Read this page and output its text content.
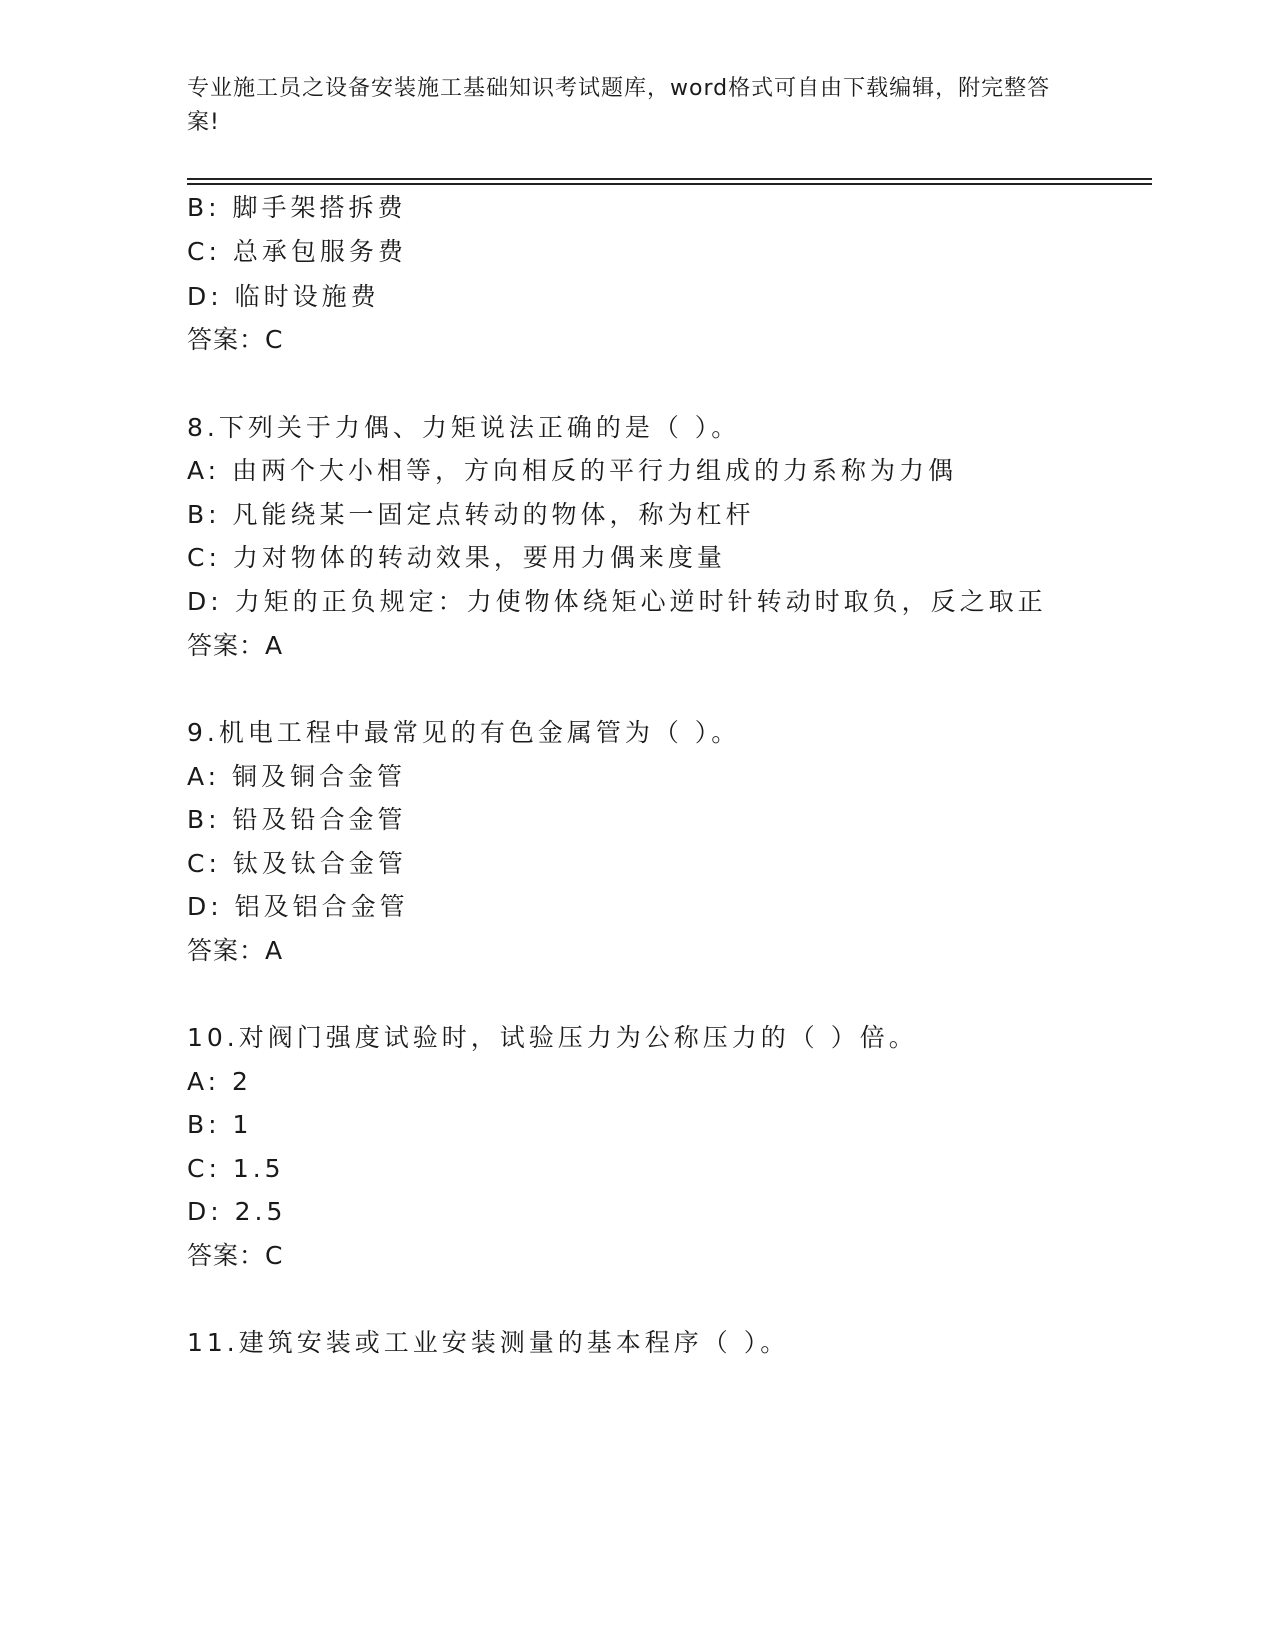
专业施工员之设备安装施工基础知识考试题库，word格式可自由下载编辑，附完整答案!
B: 脚手架搭拆费
C: 总承包服务费
D: 临时设施费
答案：C
8.下列关于力偶、力矩说法正确的是（ ）。
A: 由两个大小相等，方向相反的平行力组成的力系称为力偶
B: 凡能绕某一固定点转动的物体，称为杠杆
C: 力对物体的转动效果，要用力偶来度量
D: 力矩的正负规定：力使物体绕矩心逆时针转动时取负，反之取正
答案：A
9.机电工程中最常见的有色金属管为（ ）。
A: 铜及铜合金管
B: 铅及铅合金管
C: 钛及钛合金管
D: 铝及铝合金管
答案：A
10.对阀门强度试验时，试验压力为公称压力的（ ）倍。
A: 2
B: 1
C: 1.5
D: 2.5
答案：C
11.建筑安装或工业安装测量的基本程序（ ）。
